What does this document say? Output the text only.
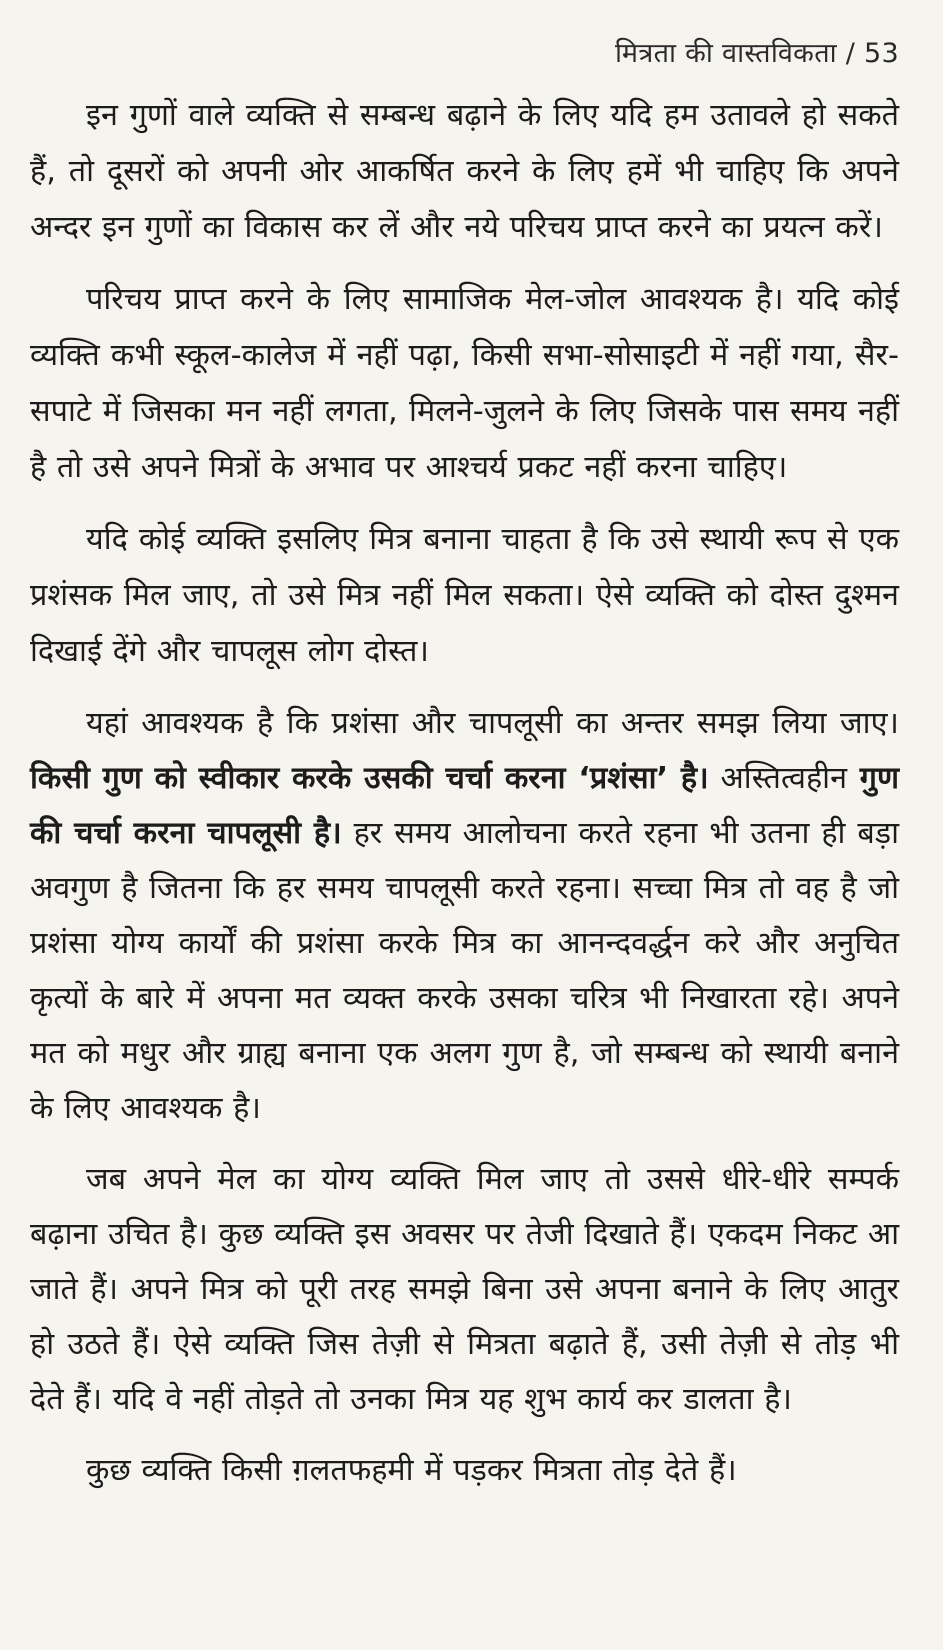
मित्रता की वास्तविकता / 53

इन गुणों वाले व्यक्ति से सम्बन्ध बढ़ाने के लिए यदि हम उतावले हो सकते हैं, तो दूसरों को अपनी ओर आकर्षित करने के लिए हमें भी चाहिए कि अपने अन्दर इन गुणों का विकास कर लें और नये परिचय प्राप्त करने का प्रयत्न करें।

परिचय प्राप्त करने के लिए सामाजिक मेल-जोल आवश्यक है। यदि कोई व्यक्ति कभी स्कूल-कालेज में नहीं पढ़ा, किसी सभा-सोसाइटी में नहीं गया, सैर-सपाटे में जिसका मन नहीं लगता, मिलने-जुलने के लिए जिसके पास समय नहीं है तो उसे अपने मित्रों के अभाव पर आश्चर्य प्रकट नहीं करना चाहिए।

यदि कोई व्यक्ति इसलिए मित्र बनाना चाहता है कि उसे स्थायी रूप से एक प्रशंसक मिल जाए, तो उसे मित्र नहीं मिल सकता। ऐसे व्यक्ति को दोस्त दुश्मन दिखाई देंगे और चापलूस लोग दोस्त।

यहां आवश्यक है कि प्रशंसा और चापलूसी का अन्तर समझ लिया जाए। किसी गुण को स्वीकार करके उसकी चर्चा करना ‘प्रशंसा’ है। अस्तित्वहीन गुण की चर्चा करना चापलूसी है। हर समय आलोचना करते रहना भी उतना ही बड़ा अवगुण है जितना कि हर समय चापलूसी करते रहना। सच्चा मित्र तो वह है जो प्रशंसा योग्य कार्यों की प्रशंसा करके मित्र का आनन्दवर्द्धन करे और अनुचित कृत्यों के बारे में अपना मत व्यक्त करके उसका चरित्र भी निखारता रहे। अपने मत को मधुर और ग्राह्य बनाना एक अलग गुण है, जो सम्बन्ध को स्थायी बनाने के लिए आवश्यक है।

जब अपने मेल का योग्य व्यक्ति मिल जाए तो उससे धीरे-धीरे सम्पर्क बढ़ाना उचित है। कुछ व्यक्ति इस अवसर पर तेजी दिखाते हैं। एकदम निकट आ जाते हैं। अपने मित्र को पूरी तरह समझे बिना उसे अपना बनाने के लिए आतुर हो उठते हैं। ऐसे व्यक्ति जिस तेज़ी से मित्रता बढ़ाते हैं, उसी तेज़ी से तोड़ भी देते हैं। यदि वे नहीं तोड़ते तो उनका मित्र यह शुभ कार्य कर डालता है।

कुछ व्यक्ति किसी ग़लतफहमी में पड़कर मित्रता तोड़ देते हैं।
